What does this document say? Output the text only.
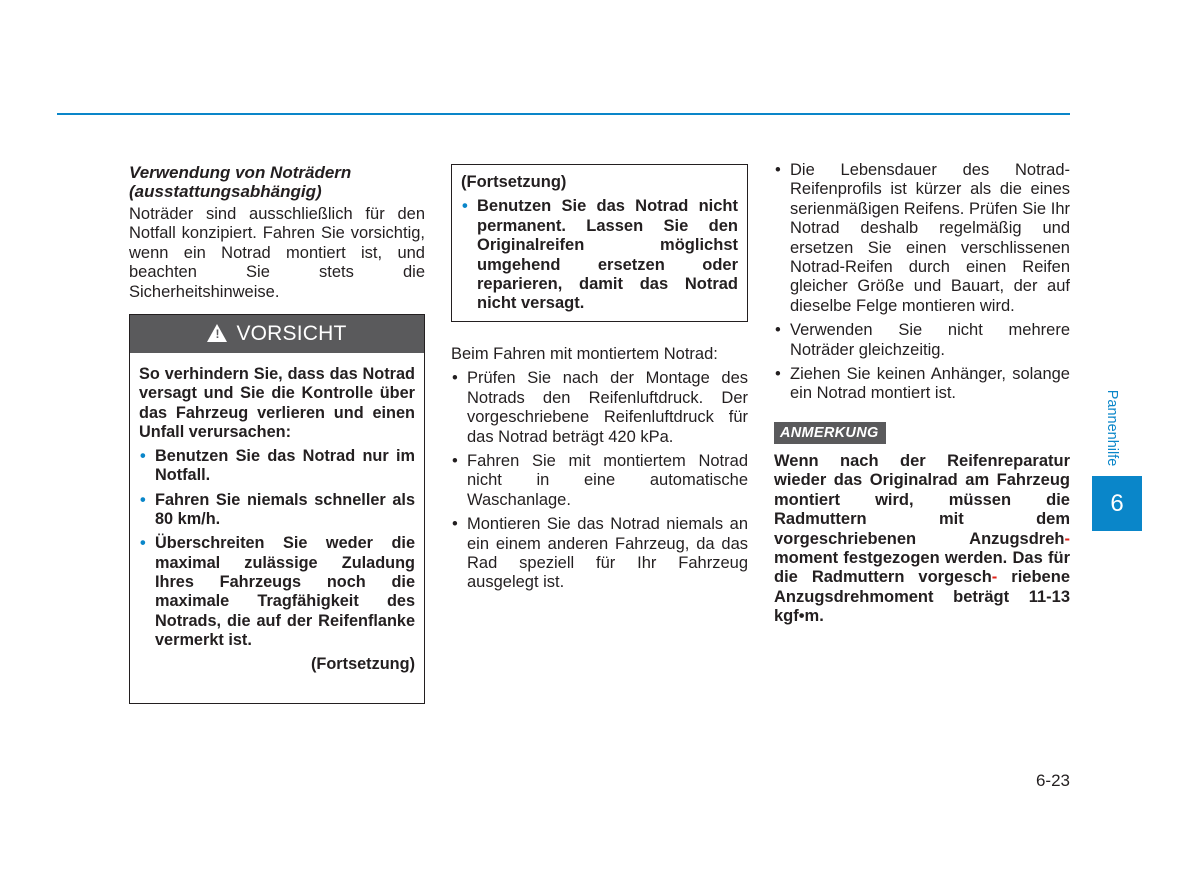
Verwendung von Noträdern
(ausstattungsabhängig)
Noträder sind ausschließlich für den Notfall konzipiert. Fahren Sie vorsichtig, wenn ein Notrad montiert ist, und beachten Sie stets die Sicherheitshinweise.
! VORSICHT
So verhindern Sie, dass das Notrad versagt und Sie die Kontrolle über das Fahrzeug verlieren und einen Unfall verursachen:
• Benutzen Sie das Notrad nur im Notfall.
• Fahren Sie niemals schneller als 80 km/h.
• Überschreiten Sie weder die maximal zulässige Zuladung Ihres Fahrzeugs noch die maximale Tragfähigkeit des Notrads, die auf der Reifenflanke vermerkt ist.
(Fortsetzung)
(Fortsetzung)
• Benutzen Sie das Notrad nicht permanent. Lassen Sie den Originalreifen möglichst umgehend ersetzen oder reparieren, damit das Notrad nicht versagt.
Beim Fahren mit montiertem Notrad:
• Prüfen Sie nach der Montage des Notrads den Reifenluftdruck. Der vorgeschriebene Reifenluftdruck für das Notrad beträgt 420 kPa.
• Fahren Sie mit montiertem Notrad nicht in eine automatische Waschanlage.
• Montieren Sie das Notrad niemals an ein einem anderen Fahrzeug, da das Rad speziell für Ihr Fahrzeug ausgelegt ist.
• Die Lebensdauer des Notrad-Reifenprofils ist kürzer als die eines serienmäßigen Reifens. Prüfen Sie Ihr Notrad deshalb regelmäßig und ersetzen Sie einen verschlissenen Notrad-Reifen durch einen Reifen gleicher Größe und Bauart, der auf dieselbe Felge montieren wird.
• Verwenden Sie nicht mehrere Noträder gleichzeitig.
• Ziehen Sie keinen Anhänger, solange ein Notrad montiert ist.
ANMERKUNG
Wenn nach der Reifenreparatur wieder das Originalrad am Fahrzeug montiert wird, müssen die Radmuttern mit dem vorgeschriebenen Anzugsdreh- moment festgezogen werden. Das für die Radmuttern vorgesch- riebene Anzugsdrehmoment beträgt 11-13 kgf•m.
Pannenhilfe
6
6-23
